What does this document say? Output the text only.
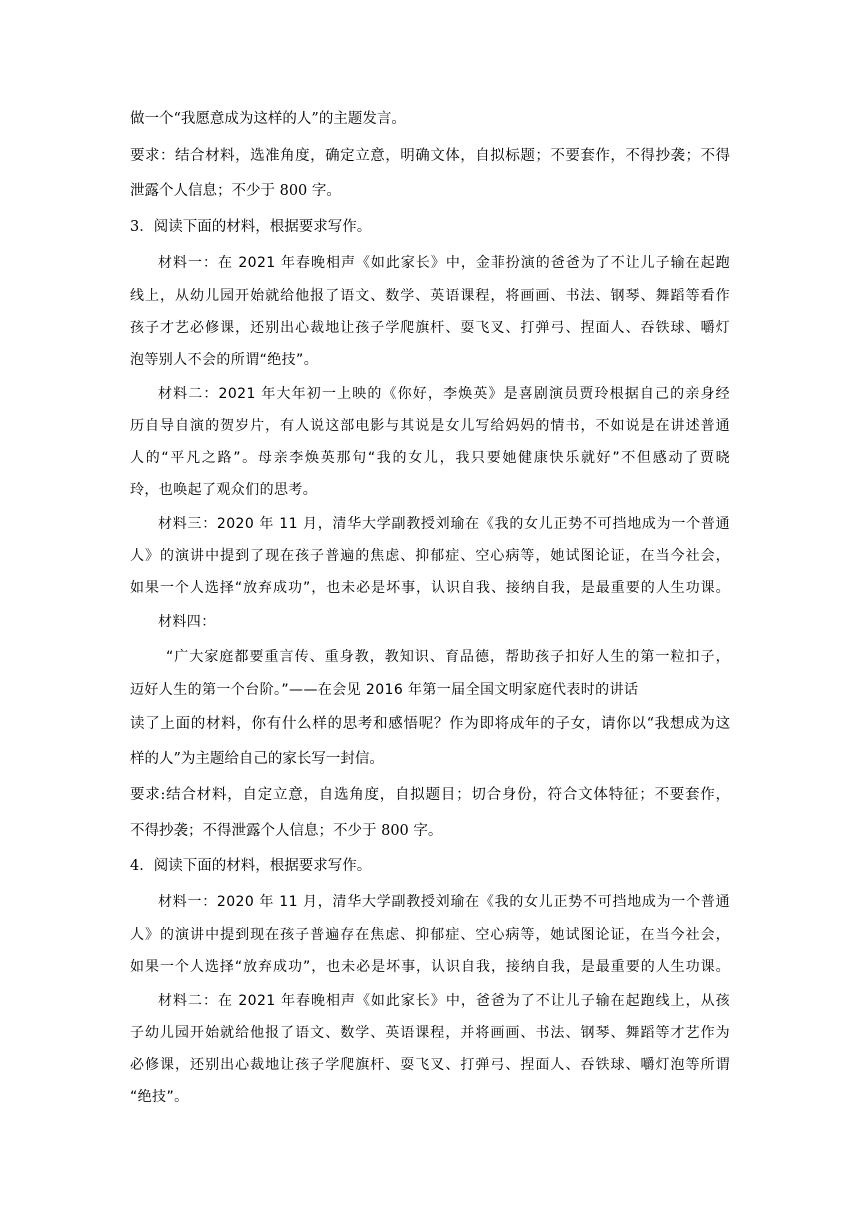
做一个“我愿意成为这样的人”的主题发言。
要求：结合材料，选准角度，确定立意，明确文体，自拟标题；不要套作，不得抄袭；不得
泄露个人信息；不少于 800 字。
3．阅读下面的材料，根据要求写作。
材料一：在 2021 年春晚相声《如此家长》中，金菲扮演的爸爸为了不让儿子输在起跑
线上，从幼儿园开始就给他报了语文、数学、英语课程，将画画、书法、钢琴、舞蹈等看作
孩子才艺必修课，还别出心裁地让孩子学爬旗杆、耍飞叉、打弹弓、捏面人、吞铁球、嚼灯
泡等别人不会的所谓“绝技”。
材料二：2021 年大年初一上映的《你好，李焕英》是喜剧演员贾玲根据自己的亲身经
历自导自演的贺岁片，有人说这部电影与其说是女儿写给妈妈的情书，不如说是在讲述普通
人的“平凡之路”。母亲李焕英那句“我的女儿，我只要她健康快乐就好”不但感动了贾晓
玲，也唤起了观众们的思考。
材料三：2020 年 11 月，清华大学副教授刘瑜在《我的女儿正势不可挡地成为一个普通
人》的演讲中提到了现在孩子普遍的焦虑、抑郁症、空心病等，她试图论证，在当今社会，
如果一个人选择“放弃成功”，也未必是坏事，认识自我、接纳自我，是最重要的人生功课。
材料四：
“广大家庭都要重言传、重身教，教知识、育品德，帮助孩子扣好人生的第一粒扣子，
迈好人生的第一个台阶。”——在会见 2016 年第一届全国文明家庭代表时的讲话
读了上面的材料，你有什么样的思考和感悟呢？作为即将成年的子女，请你以“我想成为这
样的人”为主题给自己的家长写一封信。
要求:结合材料，自定立意，自选角度，自拟题目；切合身份，符合文体特征；不要套作，
不得抄袭；不得泄露个人信息；不少于 800 字。
4．阅读下面的材料，根据要求写作。
材料一：2020 年 11 月，清华大学副教授刘瑜在《我的女儿正势不可挡地成为一个普通
人》的演讲中提到现在孩子普遍存在焦虑、抑郁症、空心病等，她试图论证，在当今社会，
如果一个人选择“放弃成功”，也未必是坏事，认识自我，接纳自我，是最重要的人生功课。
材料二：在 2021 年春晚相声《如此家长》中，爸爸为了不让儿子输在起跑线上，从孩
子幼儿园开始就给他报了语文、数学、英语课程，并将画画、书法、钢琴、舞蹈等才艺作为
必修课，还别出心裁地让孩子学爬旗杆、耍飞叉、打弹弓、捏面人、吞铁球、嚼灯泡等所谓
“绝技”。
